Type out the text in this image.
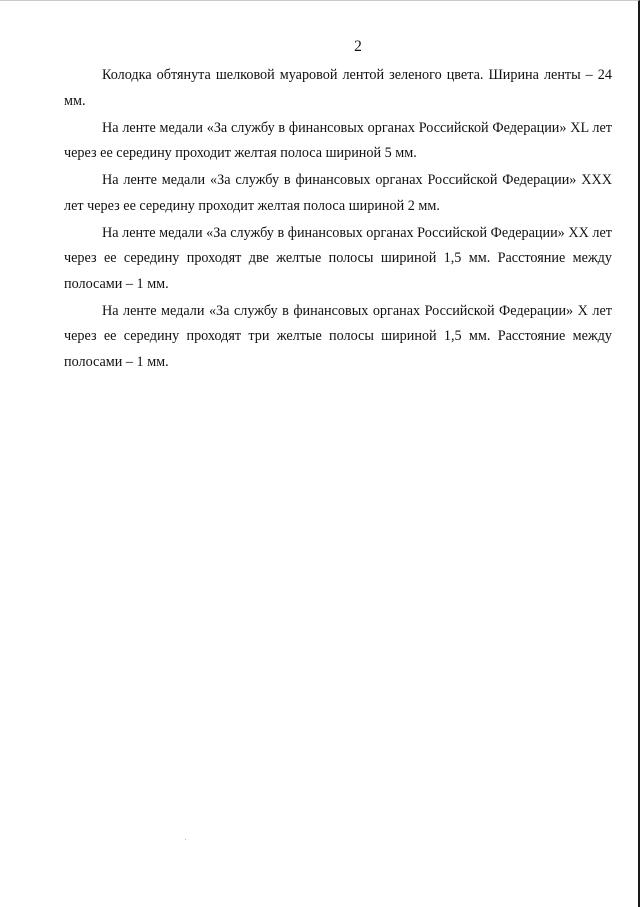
2

Колодка обтянута шелковой муаровой лентой зеленого цвета. Ширина ленты – 24 мм.

На ленте медали «За службу в финансовых органах Российской Федерации» XL лет через ее середину проходит желтая полоса шириной 5 мм.

На ленте медали «За службу в финансовых органах Российской Федерации» XXX лет через ее середину проходит желтая полоса шириной 2 мм.

На ленте медали «За службу в финансовых органах Российской Федерации» XX лет через ее середину проходят две желтые полосы шириной 1,5 мм. Расстояние между полосами – 1 мм.

На ленте медали «За службу в финансовых органах Российской Федерации» X лет через ее середину проходят три желтые полосы шириной 1,5 мм. Расстояние между полосами – 1 мм.
